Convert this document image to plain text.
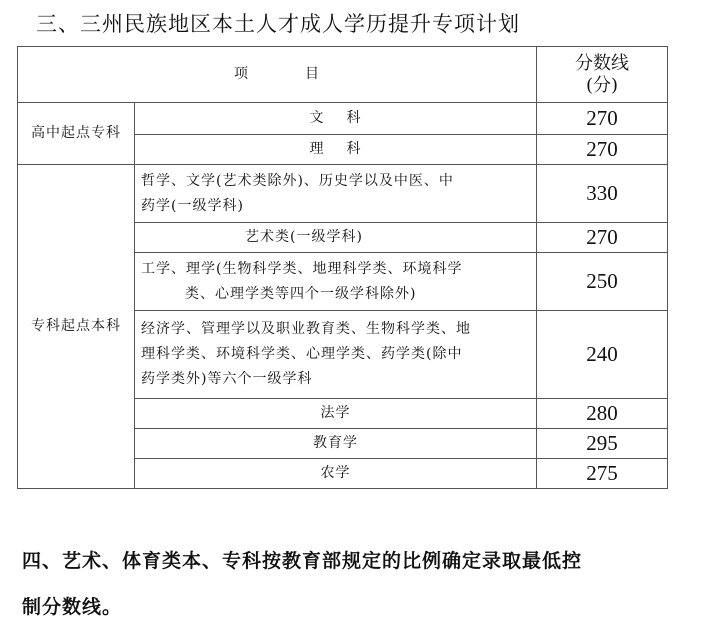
三、三州民族地区本土人才成人学历提升专项计划
项 目		分数线
(分)

高中起点专科	文 科	270
	理 科	270
专科起点本科	哲学、文学(艺术类除外)、历史学以及中医、中
药学(一级学科)	330
	艺术类(一级学科)	270

	工学、理学(生物科学类、地理科学类、环境科学
类、心理学类等四个一级学科除外)	250

	经济学、管理学以及职业教育类、生物科学类、地
理科学类、环境科学类、心理学类、药学类(除中
药学类外)等六个一级学科	240
	法学	280
	教育学	295
	农学	275

四、艺术、体育类本、专科按教育部规定的比例确定录取最低控

制分数线。
